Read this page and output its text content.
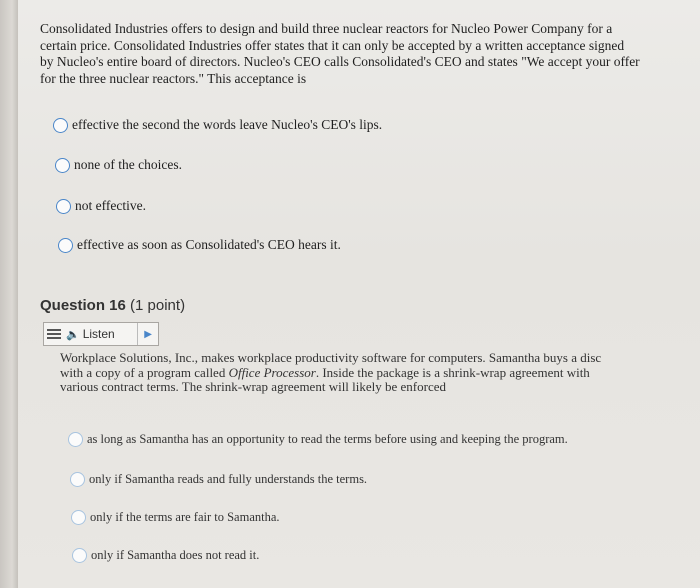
Consolidated Industries offers to design and build three nuclear reactors for Nucleo Power Company for a certain price. Consolidated Industries offer states that it can only be accepted by a written acceptance signed by Nucleo's entire board of directors. Nucleo's CEO calls Consolidated's CEO and states "We accept your offer for the three nuclear reactors." This acceptance is
effective the second the words leave Nucleo's CEO's lips.
none of the choices.
not effective.
effective as soon as Consolidated's CEO hears it.
Question 16 (1 point)
🔈 Listen	▶
Workplace Solutions, Inc., makes workplace productivity software for computers. Samantha buys a disc with a copy of a program called Office Processor. Inside the package is a shrink-wrap agreement with various contract terms. The shrink-wrap agreement will likely be enforced
as long as Samantha has an opportunity to read the terms before using and keeping the program.
only if Samantha reads and fully understands the terms.
only if the terms are fair to Samantha.
only if Samantha does not read it.
